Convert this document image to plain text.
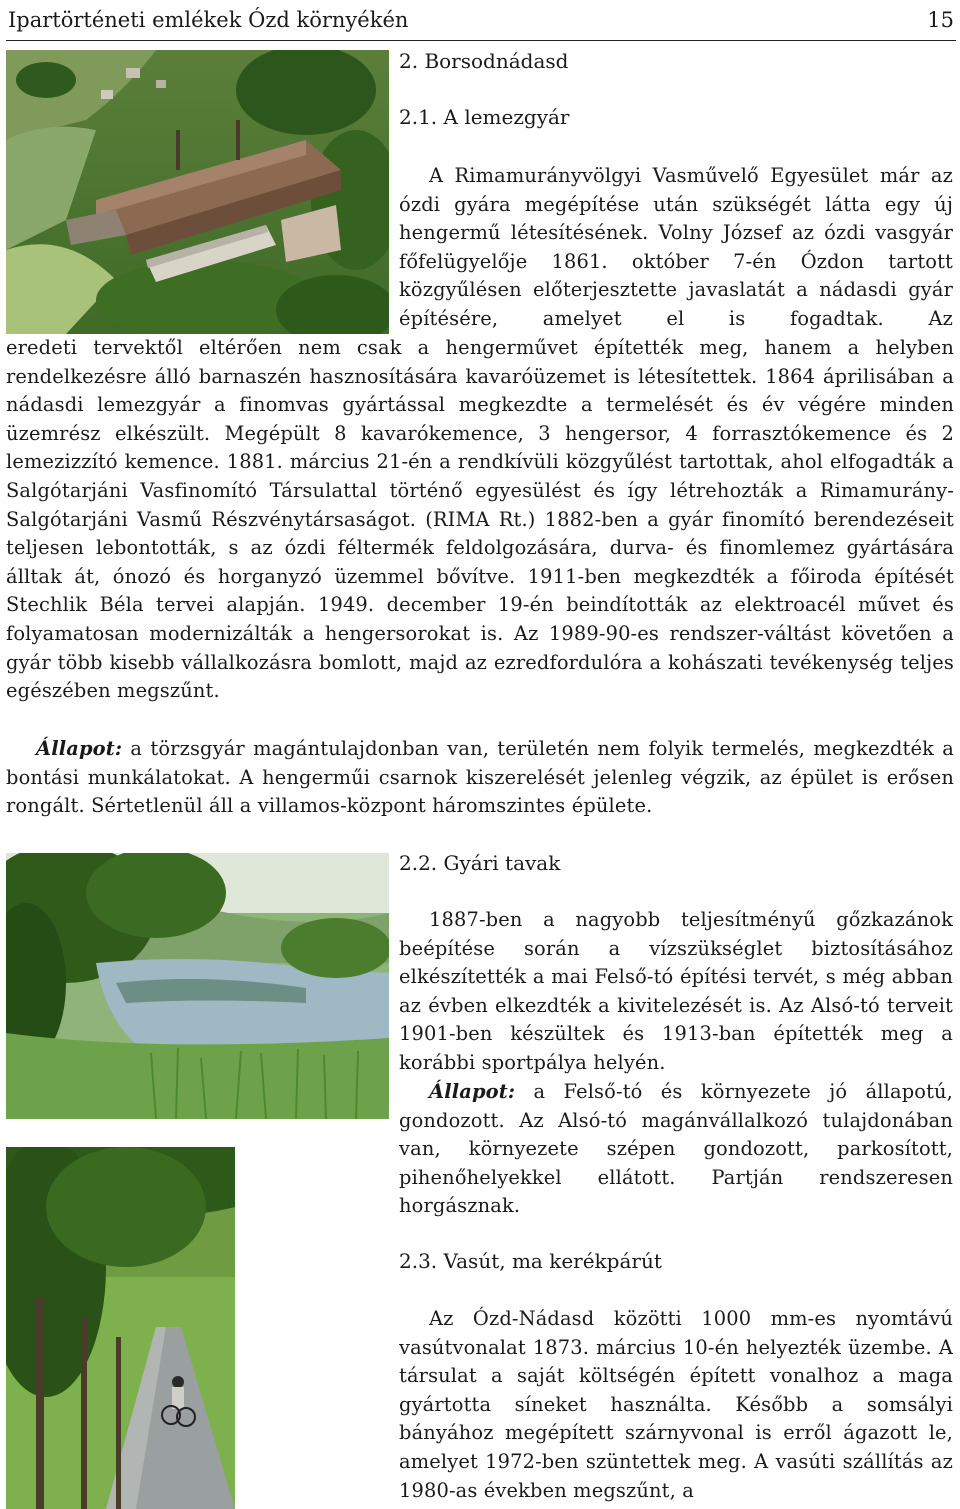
Ipartörténeti emlékek Ózd környékén	15
2. Borsodnádasd
2.1. A lemezgyár

A Rimamurányvölgyi Vasművelő Egyesület már az ózdi gyára megépítése után szükségét látta egy új hengermű létesítésének. Volny József az ózdi vasgyár főfelügyelője 1861. október 7-én Ózdon tartott közgyűlésen előterjesztette javaslatát a nádasdi gyár építésére, amelyet el is fogadtak. Az

eredeti tervektől eltérően nem csak a hengerművet építették meg, hanem a helyben rendelkezésre álló barnaszén hasznosítására kavaróüzemet is létesítettek. 1864 áprilisában a nádasdi lemezgyár a finomvas gyártással megkezdte a termelését és év végére minden üzemrész elkészült. Megépült 8 kavarókemence, 3 hengersor, 4 forrasztókemence és 2 lemezizzító kemence. 1881. március 21-én a rendkívüli közgyűlést tartottak, ahol elfogadták a Salgótarjáni Vasfinomító Társulattal történő egyesülést és így létrehozták a Rimamurány-Salgótarjáni Vasmű Részvénytársaságot. (RIMA Rt.) 1882-ben a gyár finomító berendezéseit teljesen lebontották, s az ózdi féltermék feldolgozására, durva- és finomlemez gyártására álltak át, ónozó és horganyzó üzemmel bővítve. 1911-ben megkezdték a főiroda építését Stechlik Béla tervei alapján. 1949. december 19-én beindították az elektroacél művet és folyamatosan modernizálták a hengersorokat is. Az 1989-90-es rendszer-váltást követően a gyár több kisebb vállalkozásra bomlott, majd az ezredfordulóra a kohászati tevékenység teljes egészében megszűnt.

Állapot: a törzsgyár magántulajdonban van, területén nem folyik termelés, megkezdték a bontási munkálatokat. A hengerműi csarnok kiszerelését jelenleg végzik, az épület is erősen rongált. Sértetlenül áll a villamos-központ háromszintes épülete.

2.2. Gyári tavak

1887-ben a nagyobb teljesítményű gőzkazánok beépítése során a vízszükséglet biztosításához elkészítették a mai Felső-tó építési tervét, s még abban az évben elkezdték a kivitelezését is. Az Alsó-tó terveit 1901-ben készültek és 1913-ban építették meg a korábbi sportpálya helyén.

Állapot: a Felső-tó és környezete jó állapotú, gondozott. Az Alsó-tó magánvállalkozó tulajdonában van, környezete szépen gondozott, parkosított, pihenőhelyekkel ellátott. Partján rendszeresen horgásznak.

2.3. Vasút, ma kerékpárút

Az Ózd-Nádasd közötti 1000 mm-es nyomtávú vasútvonalat 1873. március 10-én helyezték üzembe. A társulat a saját költségén épített vonalhoz a maga gyártotta síneket használta. Később a somsályi bányához megépített szárnyvonal is erről ágazott le, amelyet 1972-ben szüntettek meg. A vasúti szállítás az 1980-as években megszűnt, a
